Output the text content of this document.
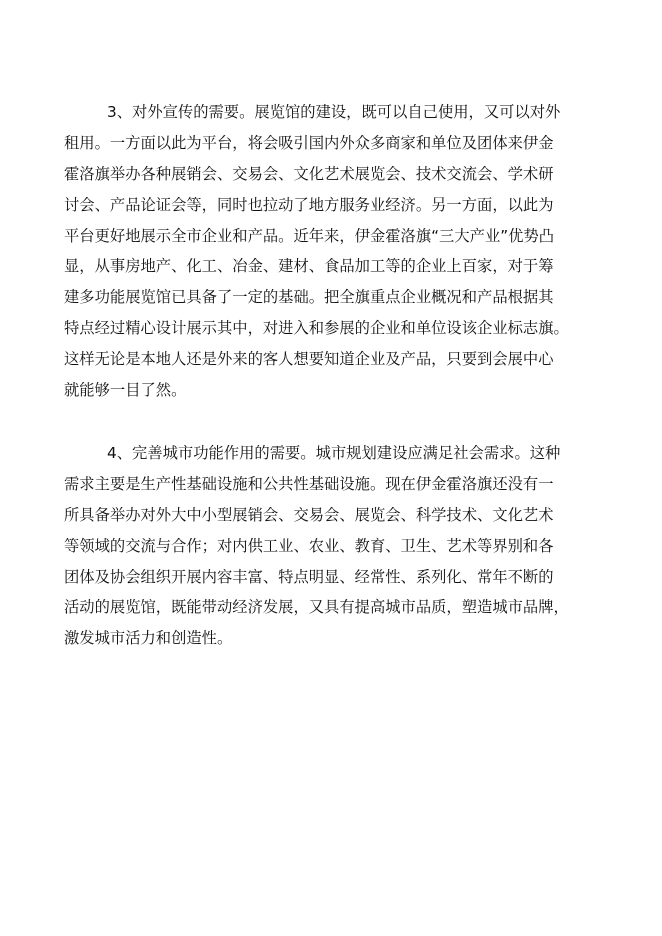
3、对外宣传的需要。展览馆的建设，既可以自己使用，又可以对外
租用。一方面以此为平台，将会吸引国内外众多商家和单位及团体来伊金
霍洛旗举办各种展销会、交易会、文化艺术展览会、技术交流会、学术研
讨会、产品论证会等，同时也拉动了地方服务业经济。另一方面，以此为
平台更好地展示全市企业和产品。近年来，伊金霍洛旗“三大产业”优势凸
显，从事房地产、化工、冶金、建材、食品加工等的企业上百家，对于筹
建多功能展览馆已具备了一定的基础。把全旗重点企业概况和产品根据其
特点经过精心设计展示其中，对进入和参展的企业和单位设该企业标志旗。
这样无论是本地人还是外来的客人想要知道企业及产品，只要到会展中心
就能够一目了然。
4、完善城市功能作用的需要。城市规划建设应满足社会需求。这种
需求主要是生产性基础设施和公共性基础设施。现在伊金霍洛旗还没有一
所具备举办对外大中小型展销会、交易会、展览会、科学技术、文化艺术
等领域的交流与合作；对内供工业、农业、教育、卫生、艺术等界别和各
团体及协会组织开展内容丰富、特点明显、经常性、系列化、常年不断的
活动的展览馆，既能带动经济发展，又具有提高城市品质，塑造城市品牌，
激发城市活力和创造性。
